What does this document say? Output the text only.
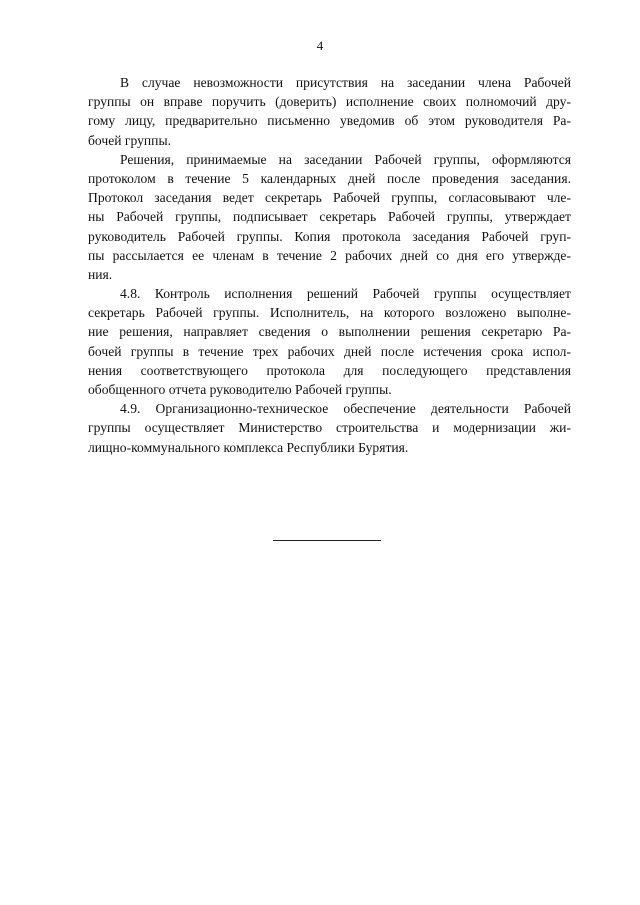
4
В случае невозможности присутствия на заседании члена Рабочей
группы он вправе поручить (доверить) исполнение своих полномочий дру-
гому лицу, предварительно письменно уведомив об этом руководителя Ра-
бочей группы.
Решения, принимаемые на заседании Рабочей группы, оформляются
протоколом в течение 5 календарных дней после проведения заседания.
Протокол заседания ведет секретарь Рабочей группы, согласовывают чле-
ны Рабочей группы, подписывает секретарь Рабочей группы, утверждает
руководитель Рабочей группы. Копия протокола заседания Рабочей груп-
пы рассылается ее членам в течение 2 рабочих дней со дня его утвержде-
ния.
4.8. Контроль исполнения решений Рабочей группы осуществляет
секретарь Рабочей группы. Исполнитель, на которого возложено выполне-
ние решения, направляет сведения о выполнении решения секретарю Ра-
бочей группы в течение трех рабочих дней после истечения срока испол-
нения соответствующего протокола для последующего представления
обобщенного отчета руководителю Рабочей группы.
4.9. Организационно-техническое обеспечение деятельности Рабочей
группы осуществляет Министерство строительства и модернизации жи-
лищно-коммунального комплекса Республики Бурятия.
